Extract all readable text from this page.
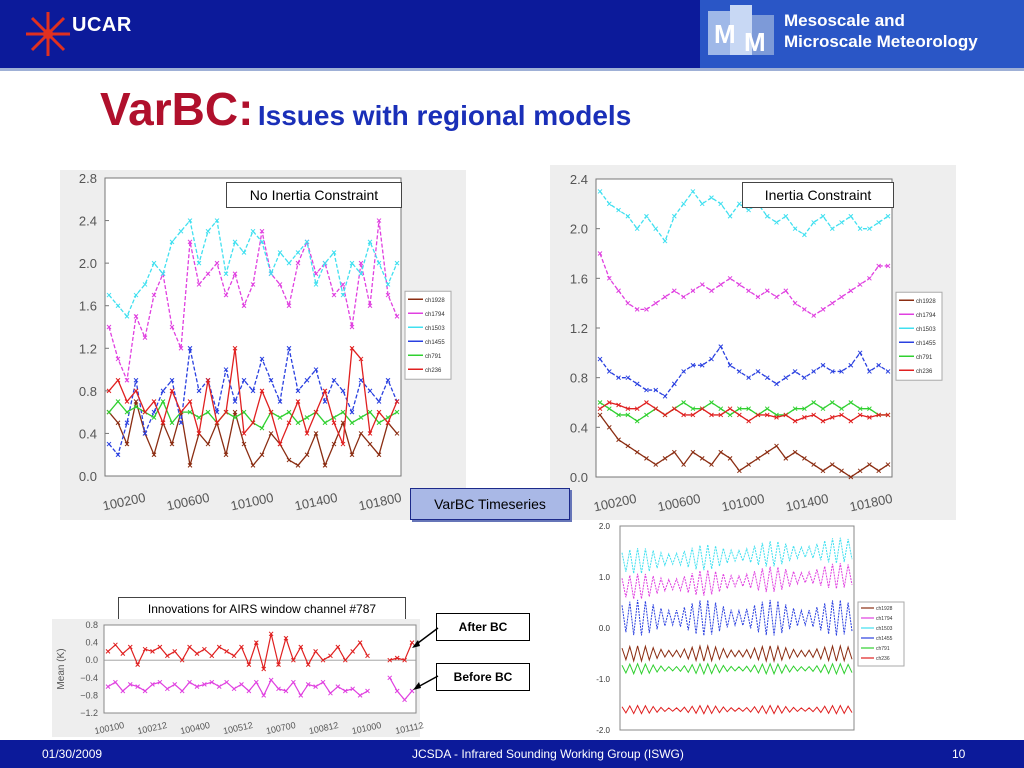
UCAR	M M
Mesoscale and
Microscale Meteorology
VarBC: Issues with regional models
2.8
2.4
2.0
1.6
1.2
0.8
0.4
0.0
100200 100600 101000 101400 101800
ch1928
ch1794
ch1503
ch1455
ch791
ch236
No Inertia Constraint
2.4
2.0
1.6
1.2
0.8
0.4
0.0
100200 100600 101000 101400 101800
ch1928
ch1794
ch1503
ch1455
ch791
ch236
Inertia Constraint
VarBC Timeseries
Innovations for AIRS window channel #787
0.8
0.4
0.0
−0.4
−0.8
−1.2
Mean (K)
100100 100212 100400 100512 100700 100812 101000 101112
After BC
Before BC
2.0
1.0
0.0
-1.0
-2.0
ch1928
ch1794
ch1503
ch1455
ch791
ch236
01/30/2009	JCSDA - Infrared Sounding Working Group (ISWG)	10
